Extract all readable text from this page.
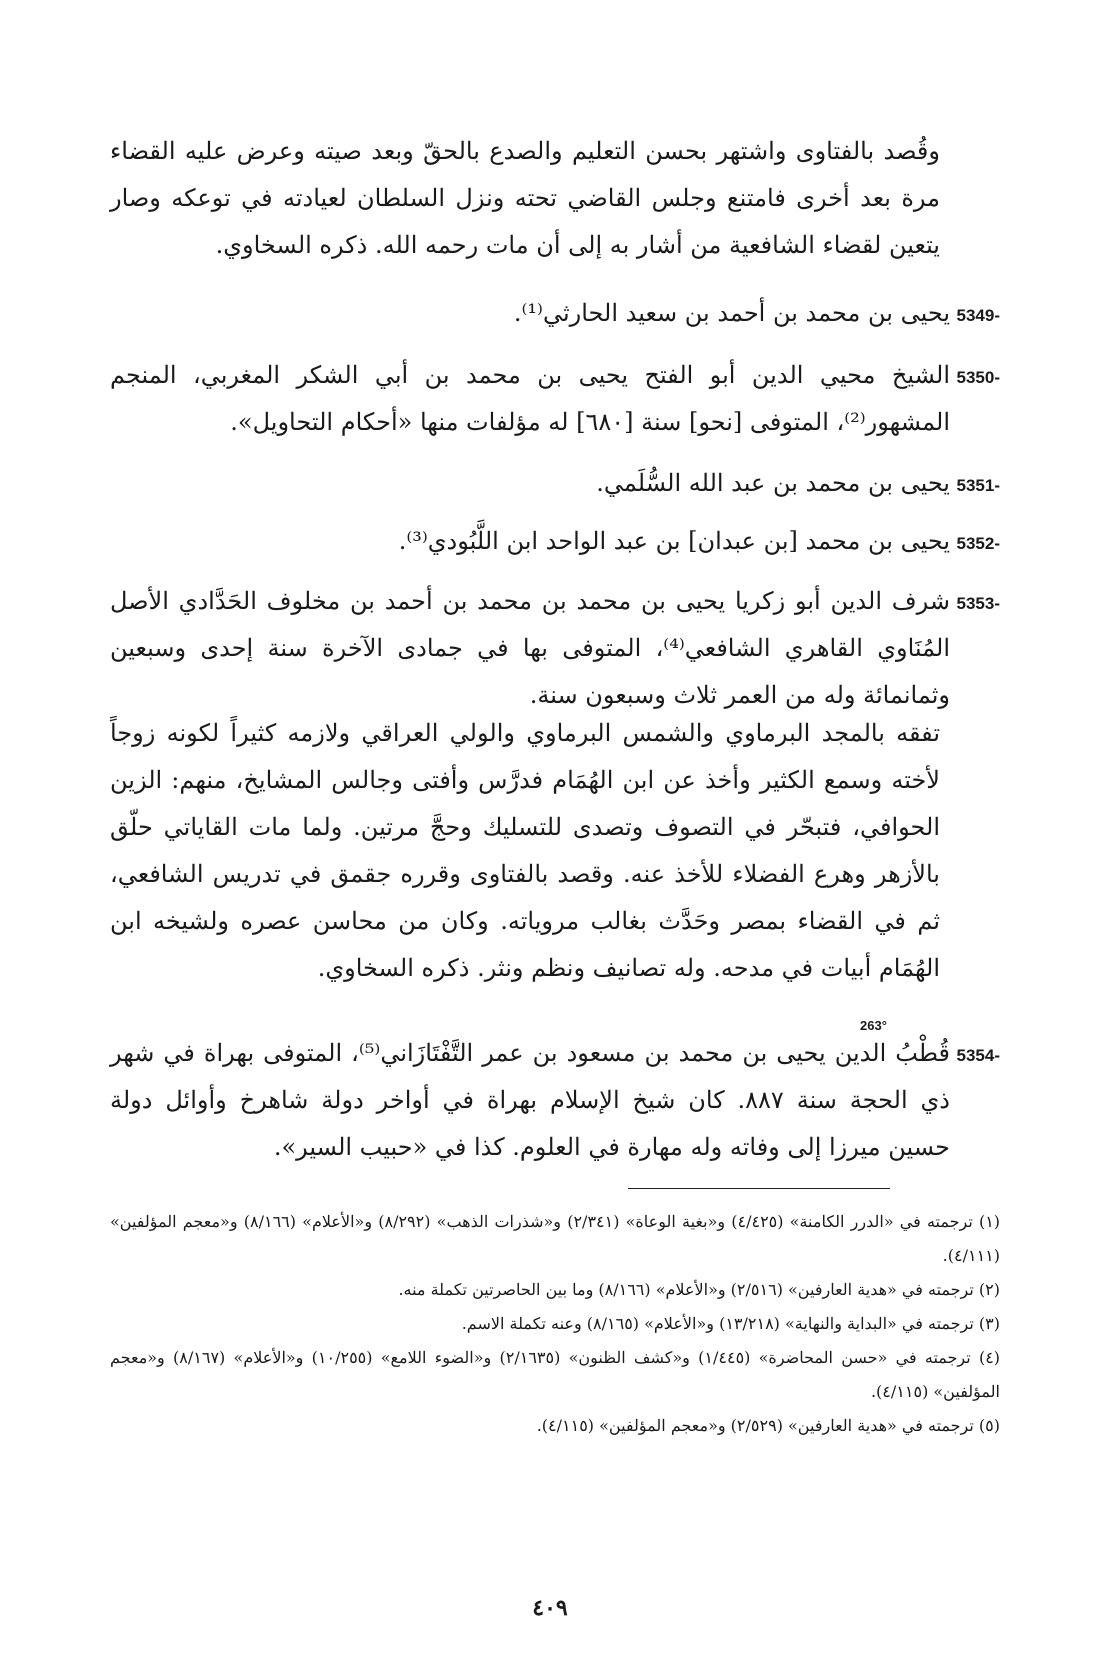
وقُصد بالفتاوى واشتهر بحسن التعليم والصدع بالحقّ وبعد صيته وعرض عليه القضاء مرة بعد أخرى فامتنع وجلس القاضي تحته ونزل السلطان لعيادته في توعكه وصار يتعين لقضاء الشافعية من أشار به إلى أن مات رحمه الله. ذكره السخاوي.
5349-
يحيى بن محمد بن أحمد بن سعيد الحارثي⁽¹⁾.
5350-
الشيخ محيي الدين أبو الفتح يحيى بن محمد بن أبي الشكر المغربي، المنجم المشهور⁽²⁾، المتوفى [نحو] سنة [٦٨٠] له مؤلفات منها «أحكام التحاويل».
5351-
يحيى بن محمد بن عبد الله السُّلَمي.
5352-
يحيى بن محمد [بن عبدان] بن عبد الواحد ابن اللَّبُودي⁽³⁾.
5353-
شرف الدين أبو زكريا يحيى بن محمد بن محمد بن أحمد بن مخلوف الحَدَّادي الأصل المُنَاوي القاهري الشافعي⁽⁴⁾، المتوفى بها في جمادى الآخرة سنة إحدى وسبعين وثمانمائة وله من العمر ثلاث وسبعون سنة.
تفقه بالمجد البرماوي والشمس البرماوي والولي العراقي ولازمه كثيراً لكونه زوجاً لأخته وسمع الكثير وأخذ عن ابن الهُمَام فدرَّس وأفتى وجالس المشايخ، منهم: الزين الحوافي، فتبحّر في التصوف وتصدى للتسليك وحجَّ مرتين. ولما مات القاياتي حلّق بالأزهر وهرع الفضلاء للأخذ عنه. وقصد بالفتاوى وقرره جقمق في تدريس الشافعي، ثم في القضاء بمصر وحَدَّث بغالب مروياته. وكان من محاسن عصره ولشيخه ابن الهُمَام أبيات في مدحه. وله تصانيف ونظم ونثر. ذكره السخاوي.
263°
5354-
قُطْبُ الدين يحيى بن محمد بن مسعود بن عمر التَّفْتَازَاني⁽⁵⁾، المتوفى بهراة في شهر ذي الحجة سنة ٨٨٧. كان شيخ الإسلام بهراة في أواخر دولة شاهرخ وأوائل دولة حسين ميرزا إلى وفاته وله مهارة في العلوم. كذا في «حبيب السير».

(١) ترجمته في «الدرر الكامنة» (٤/٤٢٥) و«بغية الوعاة» (٢/٣٤١) و«شذرات الذهب» (٨/٢٩٢) و«الأعلام» (٨/١٦٦) و«معجم المؤلفين» (٤/١١١).

(٢) ترجمته في «هدية العارفين» (٢/٥١٦) و«الأعلام» (٨/١٦٦) وما بين الحاصرتين تكملة منه.

(٣) ترجمته في «البداية والنهاية» (١٣/٢١٨) و«الأعلام» (٨/١٦٥) وعنه تكملة الاسم.

(٤) ترجمته في «حسن المحاضرة» (١/٤٤٥) و«كشف الظنون» (٢/١٦٣٥) و«الضوء اللامع» (١٠/٢٥٥) و«الأعلام» (٨/١٦٧) و«معجم المؤلفين» (٤/١١٥).

(٥) ترجمته في «هدية العارفين» (٢/٥٢٩) و«معجم المؤلفين» (٤/١١٥).

٤٠٩
